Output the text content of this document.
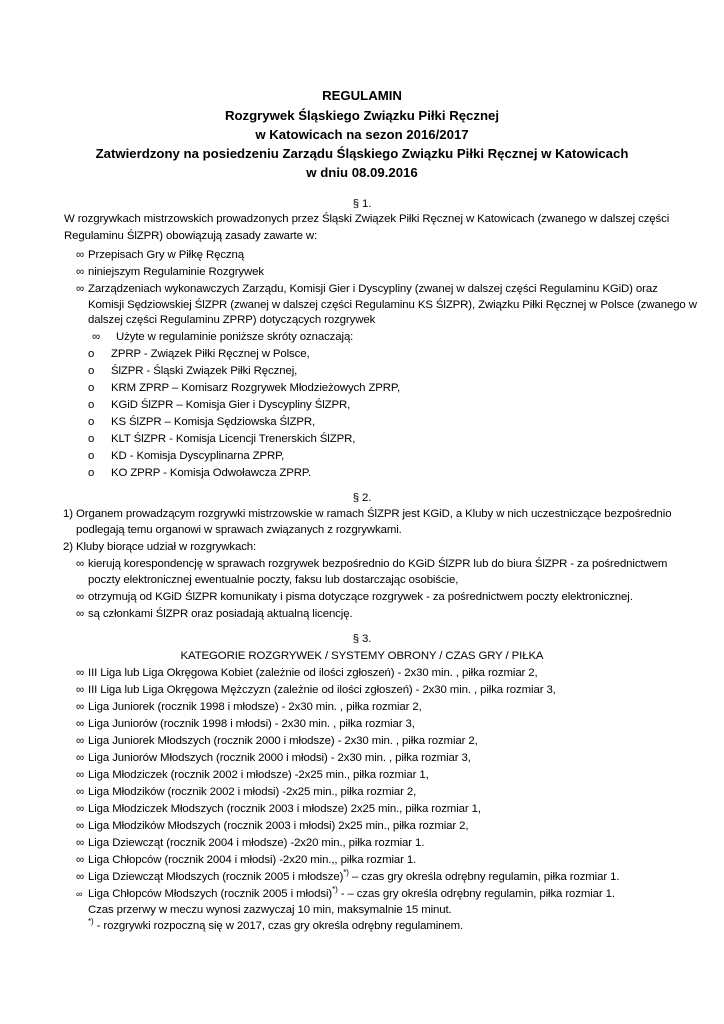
REGULAMIN
Rozgrywek Śląskiego Związku Piłki Ręcznej
w Katowicach na sezon 2016/2017
Zatwierdzony na posiedzeniu Zarządu Śląskiego Związku Piłki Ręcznej w Katowicach
w dniu 08.09.2016
§ 1.
W rozgrywkach mistrzowskich prowadzonych przez Śląski Związek Piłki Ręcznej w Katowicach (zwanego w dalszej części
Regulaminu ŚlZPR) obowiązują zasady zawarte w:
∞ Przepisach Gry w Piłkę Ręczną
∞ niniejszym Regulaminie Rozgrywek
∞ Zarządzeniach wykonawczych Zarządu, Komisji Gier i Dyscypliny (zwanej w dalszej części Regulaminu KGiD) oraz
Komisji Sędziowskiej ŚlZPR (zwanej w dalszej części Regulaminu KS ŚlZPR), Związku Piłki Ręcznej w Polsce (zwanego w
dalszej części Regulaminu ZPRP) dotyczących rozgrywek
∞ Użyte w regulaminie poniższe skróty oznaczają:
o ZPRP - Związek Piłki Ręcznej w Polsce,
o ŚlZPR - Śląski Związek Piłki Ręcznej,
o KRM ZPRP – Komisarz Rozgrywek Młodzieżowych ZPRP,
o KGiD ŚlZPR – Komisja Gier i Dyscypliny ŚlZPR,
o KS ŚlZPR – Komisja Sędziowska ŚlZPR,
o KLT ŚlZPR - Komisja Licencji Trenerskich ŚlZPR,
o KD - Komisja Dyscyplinarna ZPRP,
o KO ZPRP - Komisja Odwoławcza ZPRP.
§ 2.
1) Organem prowadzącym rozgrywki mistrzowskie w ramach ŚlZPR jest KGiD, a Kluby w nich uczestniczące bezpośrednio
podlegają temu organowi w sprawach związanych z rozgrywkami.
2) Kluby biorące udział w rozgrywkach:
∞ kierują korespondencję w sprawach rozgrywek bezpośrednio do KGiD ŚlZPR lub do biura ŚlZPR - za pośrednictwem
poczty elektronicznej ewentualnie poczty, faksu lub dostarczając osobiście,
∞ otrzymują od KGiD ŚlZPR komunikaty i pisma dotyczące rozgrywek - za pośrednictwem poczty elektronicznej.
∞ są członkami ŚlZPR oraz posiadają aktualną licencję.
§ 3.
KATEGORIE ROZGRYWEK / SYSTEMY OBRONY / CZAS GRY / PIŁKA
∞ III Liga lub Liga Okręgowa Kobiet (zależnie od ilości zgłoszeń) - 2x30 min. , piłka rozmiar 2,
∞ III Liga lub Liga Okręgowa Mężczyzn (zależnie od ilości zgłoszeń) - 2x30 min. , piłka rozmiar 3,
∞ Liga Juniorek (rocznik 1998 i młodsze) - 2x30 min. , piłka rozmiar 2,
∞ Liga Juniorów (rocznik 1998 i młodsi) - 2x30 min. , piłka rozmiar 3,
∞ Liga Juniorek Młodszych (rocznik 2000 i młodsze) - 2x30 min. , piłka rozmiar 2,
∞ Liga Juniorów Młodszych (rocznik 2000 i młodsi) - 2x30 min. , piłka rozmiar 3,
∞ Liga Młodziczek (rocznik 2002 i młodsze) -2x25 min., piłka rozmiar 1,
∞ Liga Młodzików (rocznik 2002 i młodsi) -2x25 min., piłka rozmiar 2,
∞ Liga Młodziczek Młodszych (rocznik 2003 i młodsze) 2x25 min., piłka rozmiar 1,
∞ Liga Młodzików Młodszych (rocznik 2003 i młodsi) 2x25 min., piłka rozmiar 2,
∞ Liga Dziewcząt (rocznik 2004 i młodsze) -2x20 min., piłka rozmiar 1.
∞ Liga Chłopców (rocznik 2004 i młodsi) -2x20 min.,, piłka rozmiar 1.
∞ Liga Dziewcząt Młodszych (rocznik 2005 i młodsze)*) – czas gry określa odrębny regulamin, piłka rozmiar 1.
∞ Liga Chłopców Młodszych (rocznik 2005 i młodsi)*) - – czas gry określa odrębny regulamin, piłka rozmiar 1.
Czas przerwy w meczu wynosi zazwyczaj 10 min, maksymalnie 15 minut.
*) - rozgrywki rozpoczną się w 2017, czas gry określa odrębny regulaminem.
